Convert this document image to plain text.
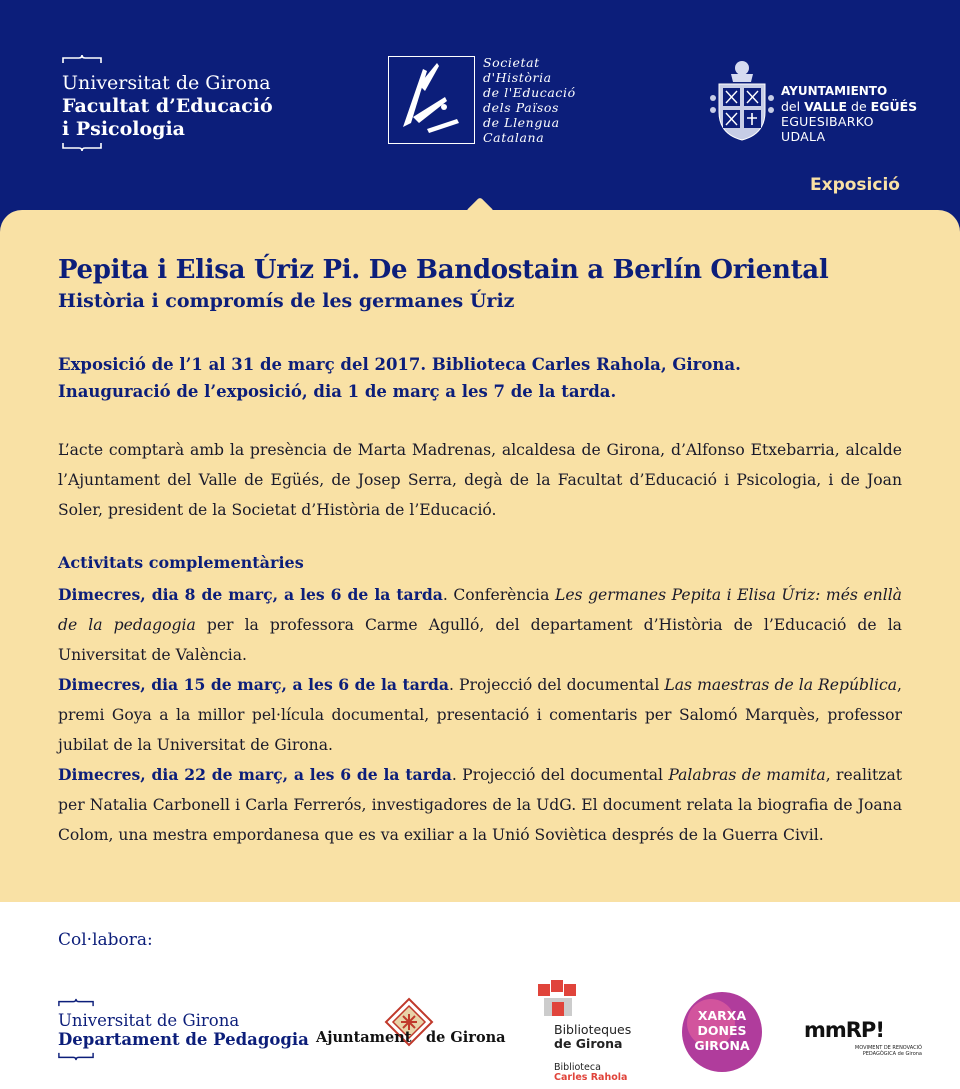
Universitat de Girona
Facultat d’Educació
i Psicologia
Societat
d'Història
de l'Educació
dels Països
de Llengua
Catalana
AYUNTAMIENTO
del VALLE de EGÜÉS
EGUESIBARKO
UDALA
Exposició
Pepita i Elisa Úriz Pi. De Bandostain a Berlín Oriental
Història i compromís de les germanes Úriz
Exposició de l’1 al 31 de març del 2017. Biblioteca Carles Rahola, Girona.
Inauguració de l’exposició, dia 1 de març a les 7 de la tarda.
L’acte comptarà amb la presència de Marta Madrenas, alcaldesa de Girona, d’Alfonso Etxebarria, alcalde l’Ajuntament del Valle de Egüés, de Josep Serra, degà de la Facultat d’Educació i Psicologia, i de Joan Soler, president de la Societat d’Història de l’Educació.
Activitats complementàries

Dimecres, dia 8 de març, a les 6 de la tarda. Conferència Les germanes Pepita i Elisa Úriz: més enllà de la pedagogia per la professora Carme Agulló, del departament d’Història de l’Educació de la Universitat de València.

Dimecres, dia 15 de març, a les 6 de la tarda. Projecció del documental Las maestras de la República, premi Goya a la millor pel·lícula documental, presentació i comentaris per Salomó Marquès, professor jubilat de la Universitat de Girona.

Dimecres, dia 22 de març, a les 6 de la tarda. Projecció del documental Palabras de mamita, realitzat per Natalia Carbonell i Carla Ferrerós, investigadores de la UdG. El document relata la biografia de Joana Colom, una mestra empordanesa que es va exiliar a la Unió Soviètica després de la Guerra Civil.

Col·labora:
Universitat de Girona
Departament de Pedagogia Ajuntament de Girona	Biblioteques
de Girona
Biblioteca
Carles Rahola
XARXA
DONES
GIRONA
mmRP!
MOVIMENT DE RENOVACIÓ PEDAGÒGICA de Girona
